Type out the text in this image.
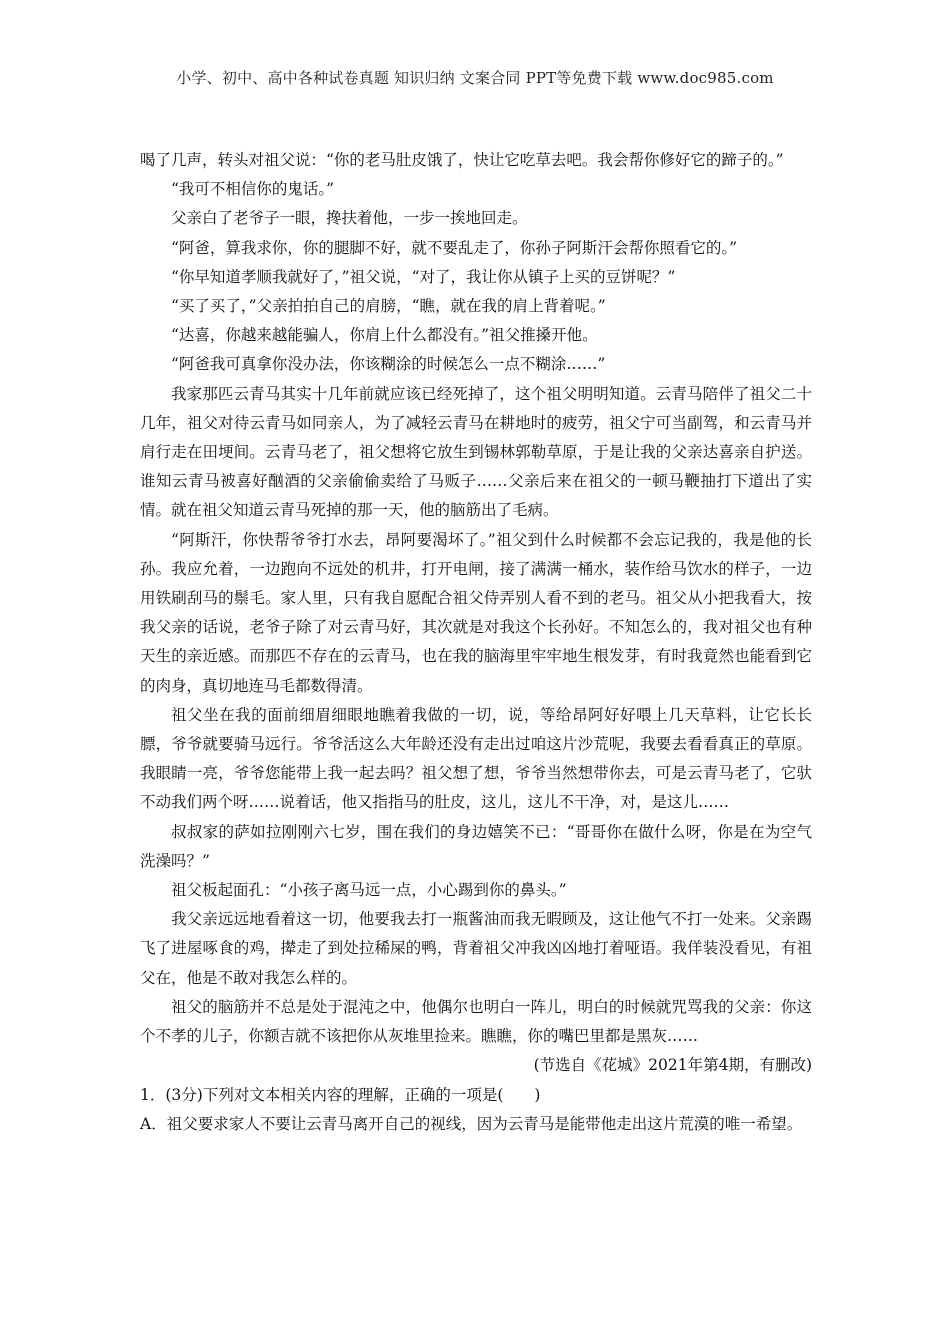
小学、初中、高中各种试卷真题 知识归纳 文案合同 PPT等免费下载 www.doc985.com

喝了几声，转头对祖父说：“你的老马肚皮饿了，快让它吃草去吧。我会帮你修好它的蹄子的。”

“我可不相信你的鬼话。”

父亲白了老爷子一眼，搀扶着他，一步一挨地回走。

“阿爸，算我求你，你的腿脚不好，就不要乱走了，你孙子阿斯汗会帮你照看它的。”

“你早知道孝顺我就好了，”祖父说，“对了，我让你从镇子上买的豆饼呢？”

“买了买了，”父亲拍拍自己的肩膀，“瞧，就在我的肩上背着呢。”

“达喜，你越来越能骗人，你肩上什么都没有。”祖父推搡开他。

“阿爸我可真拿你没办法，你该糊涂的时候怎么一点不糊涂……”

我家那匹云青马其实十几年前就应该已经死掉了，这个祖父明明知道。云青马陪伴了祖父二十几年，祖父对待云青马如同亲人，为了减轻云青马在耕地时的疲劳，祖父宁可当副驾，和云青马并肩行走在田埂间。云青马老了，祖父想将它放生到锡林郭勒草原，于是让我的父亲达喜亲自护送。谁知云青马被喜好酗酒的父亲偷偷卖给了马贩子……父亲后来在祖父的一顿马鞭抽打下道出了实情。就在祖父知道云青马死掉的那一天，他的脑筋出了毛病。

“阿斯汗，你快帮爷爷打水去，昂阿要渴坏了。”祖父到什么时候都不会忘记我的，我是他的长孙。我应允着，一边跑向不远处的机井，打开电闸，接了满满一桶水，装作给马饮水的样子，一边用铁刷刮马的鬃毛。家人里，只有我自愿配合祖父侍弄别人看不到的老马。祖父从小把我看大，按我父亲的话说，老爷子除了对云青马好，其次就是对我这个长孙好。不知怎么的，我对祖父也有种天生的亲近感。而那匹不存在的云青马，也在我的脑海里牢牢地生根发芽，有时我竟然也能看到它的肉身，真切地连马毛都数得清。

祖父坐在我的面前细眉细眼地瞧着我做的一切，说，等给昂阿好好喂上几天草料，让它长长膘，爷爷就要骑马远行。爷爷活这么大年龄还没有走出过咱这片沙荒呢，我要去看看真正的草原。我眼睛一亮，爷爷您能带上我一起去吗？祖父想了想，爷爷当然想带你去，可是云青马老了，它驮不动我们两个呀……说着话，他又指指马的肚皮，这儿，这儿不干净，对，是这儿……

叔叔家的萨如拉刚刚六七岁，围在我们的身边嬉笑不已：“哥哥你在做什么呀，你是在为空气洗澡吗？”

祖父板起面孔：“小孩子离马远一点，小心踢到你的鼻头。”

我父亲远远地看着这一切，他要我去打一瓶酱油而我无暇顾及，这让他气不打一处来。父亲踢飞了进屋啄食的鸡，撵走了到处拉稀屎的鸭，背着祖父冲我凶凶地打着哑语。我佯装没看见，有祖父在，他是不敢对我怎么样的。

祖父的脑筋并不总是处于混沌之中，他偶尔也明白一阵儿，明白的时候就咒骂我的父亲：你这个不孝的儿子，你额吉就不该把你从灰堆里捡来。瞧瞧，你的嘴巴里都是黑灰……

(节选自《花城》2021年第4期，有删改)

1．(3分)下列对文本相关内容的理解，正确的一项是(　　)

A．祖父要求家人不要让云青马离开自己的视线，因为云青马是能带他走出这片荒漠的唯一希望。
